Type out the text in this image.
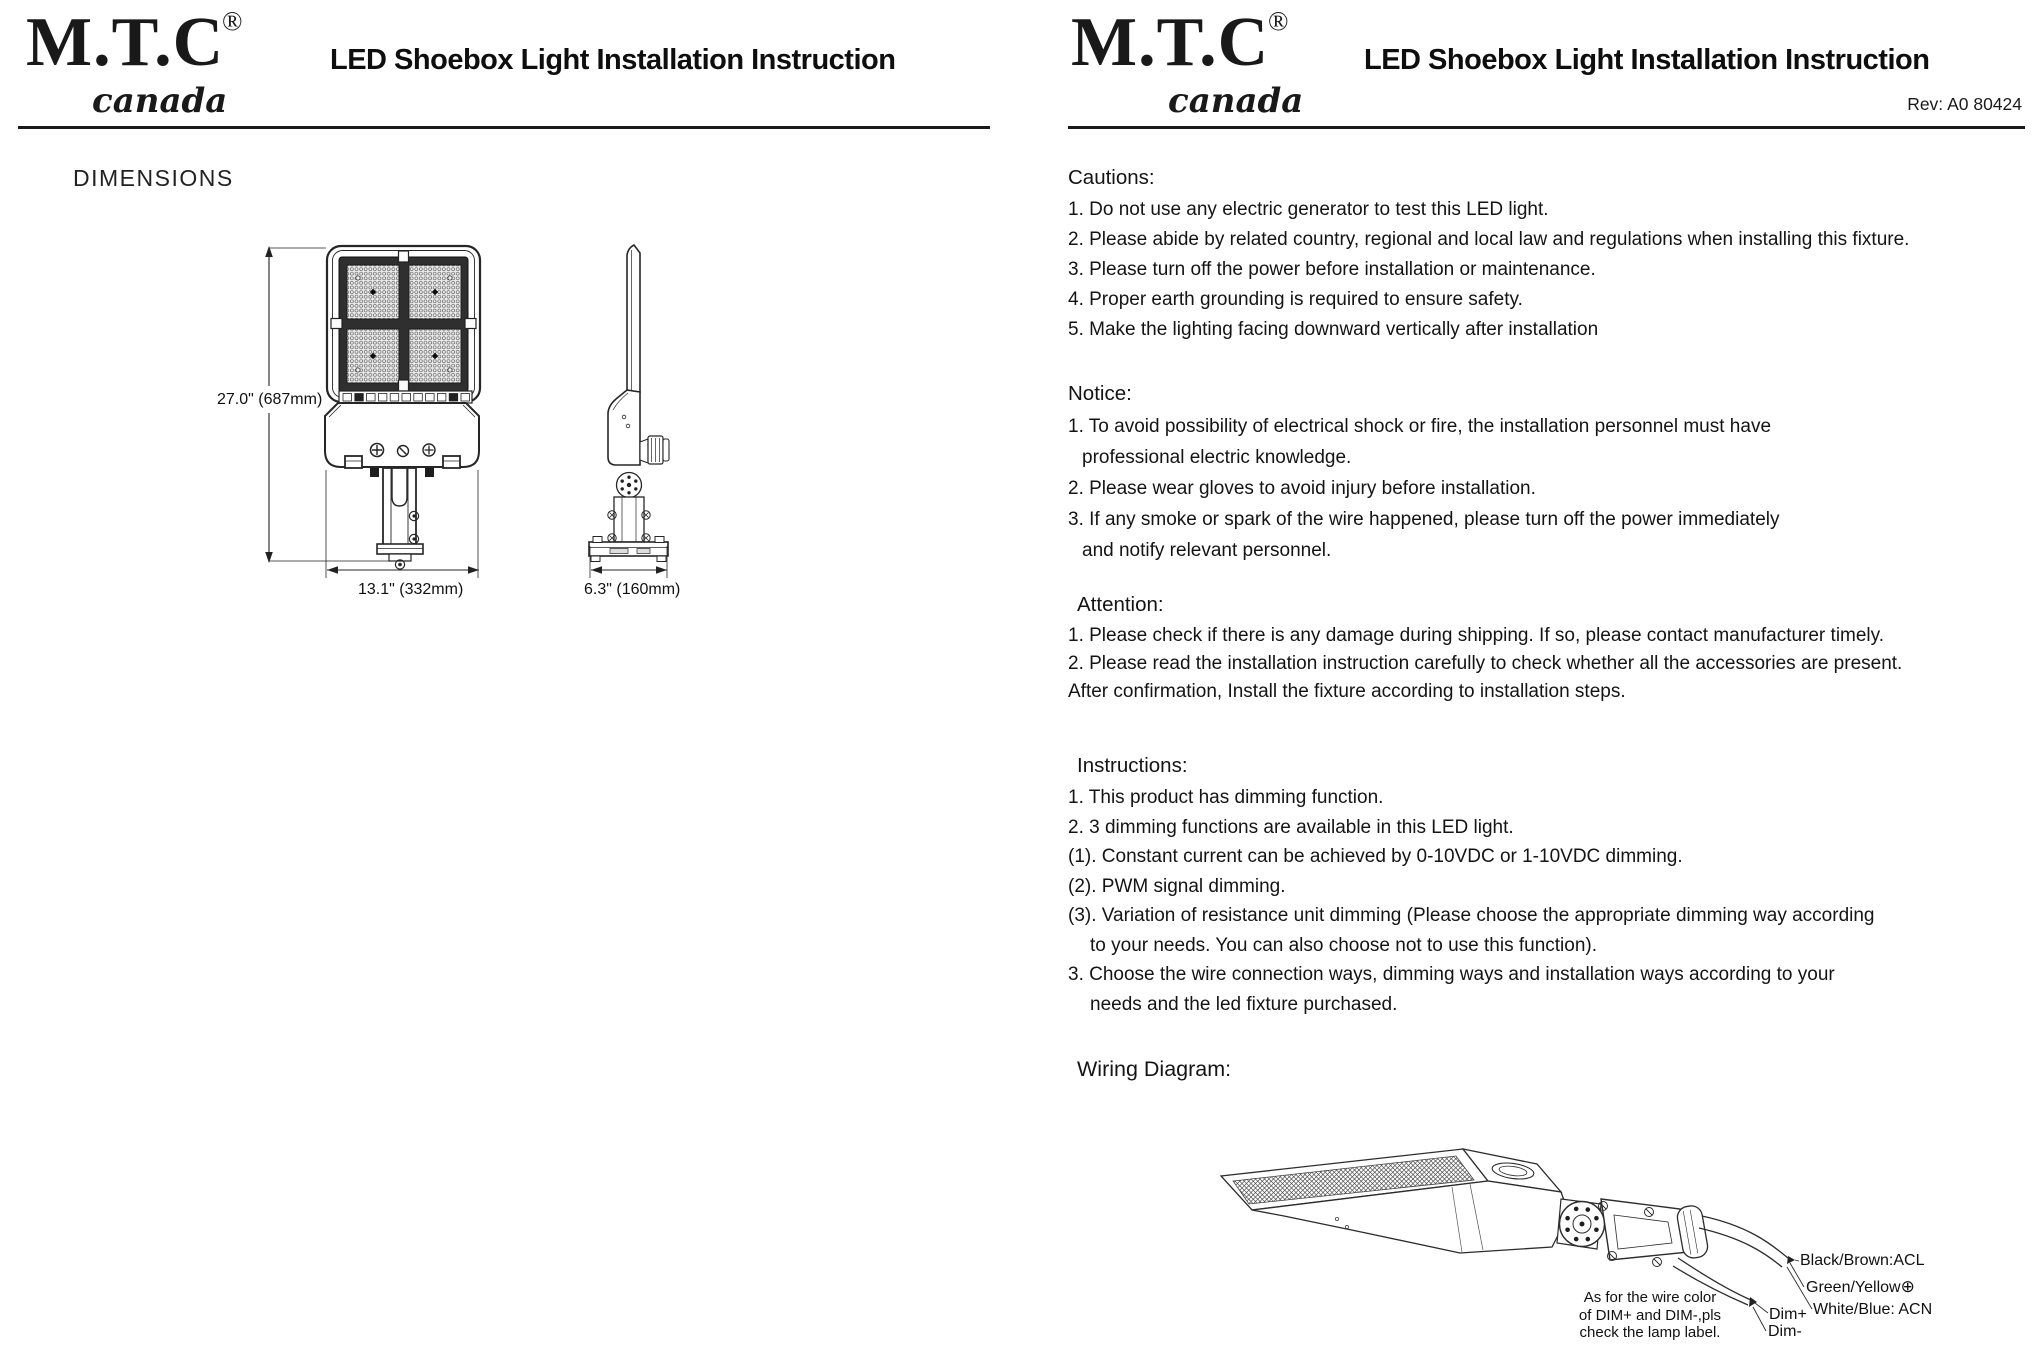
M.T.C
®
canada
LED Shoebox Light Installation Instruction
DIMENSIONS
27.0" (687mm)
13.1" (332mm)	6.3" (160mm)
M.T.C
®
canada
LED Shoebox Light Installation Instruction
Rev: A0 80424
Cautions:
1. Do not use any electric generator to test this LED light.
2. Please abide by related country, regional and local law and regulations when installing this fixture.
3. Please turn off the power before installation or maintenance.
4. Proper earth grounding is required to ensure safety.
5. Make the lighting facing downward vertically after installation
Notice:
1. To avoid possibility of electrical shock or fire, the installation personnel must have
professional electric knowledge.
2. Please wear gloves to avoid injury before installation.
3. If any smoke or spark of the wire happened, please turn off the power immediately
and notify relevant personnel.
Attention:
1. Please check if there is any damage during shipping. If so, please contact manufacturer timely.
2. Please read the installation instruction carefully to check whether all the accessories are present.
After confirmation, Install the fixture according to installation steps.
Instructions:
1. This product has dimming function.
2. 3 dimming functions are available in this LED light.
(1). Constant current can be achieved by 0-10VDC or 1-10VDC dimming.
(2). PWM signal dimming.
(3). Variation of resistance unit dimming (Please choose the appropriate dimming way according
to your needs. You can also choose not to use this function).
3. Choose the wire connection ways, dimming ways and installation ways according to your
needs and the led fixture purchased.
Wiring Diagram:
Black/Brown:ACL
Green/Yellow⊕
White/Blue: ACN
Dim+
Dim-
As for the wire color
of DIM+ and DIM-,pls
check the lamp label.
